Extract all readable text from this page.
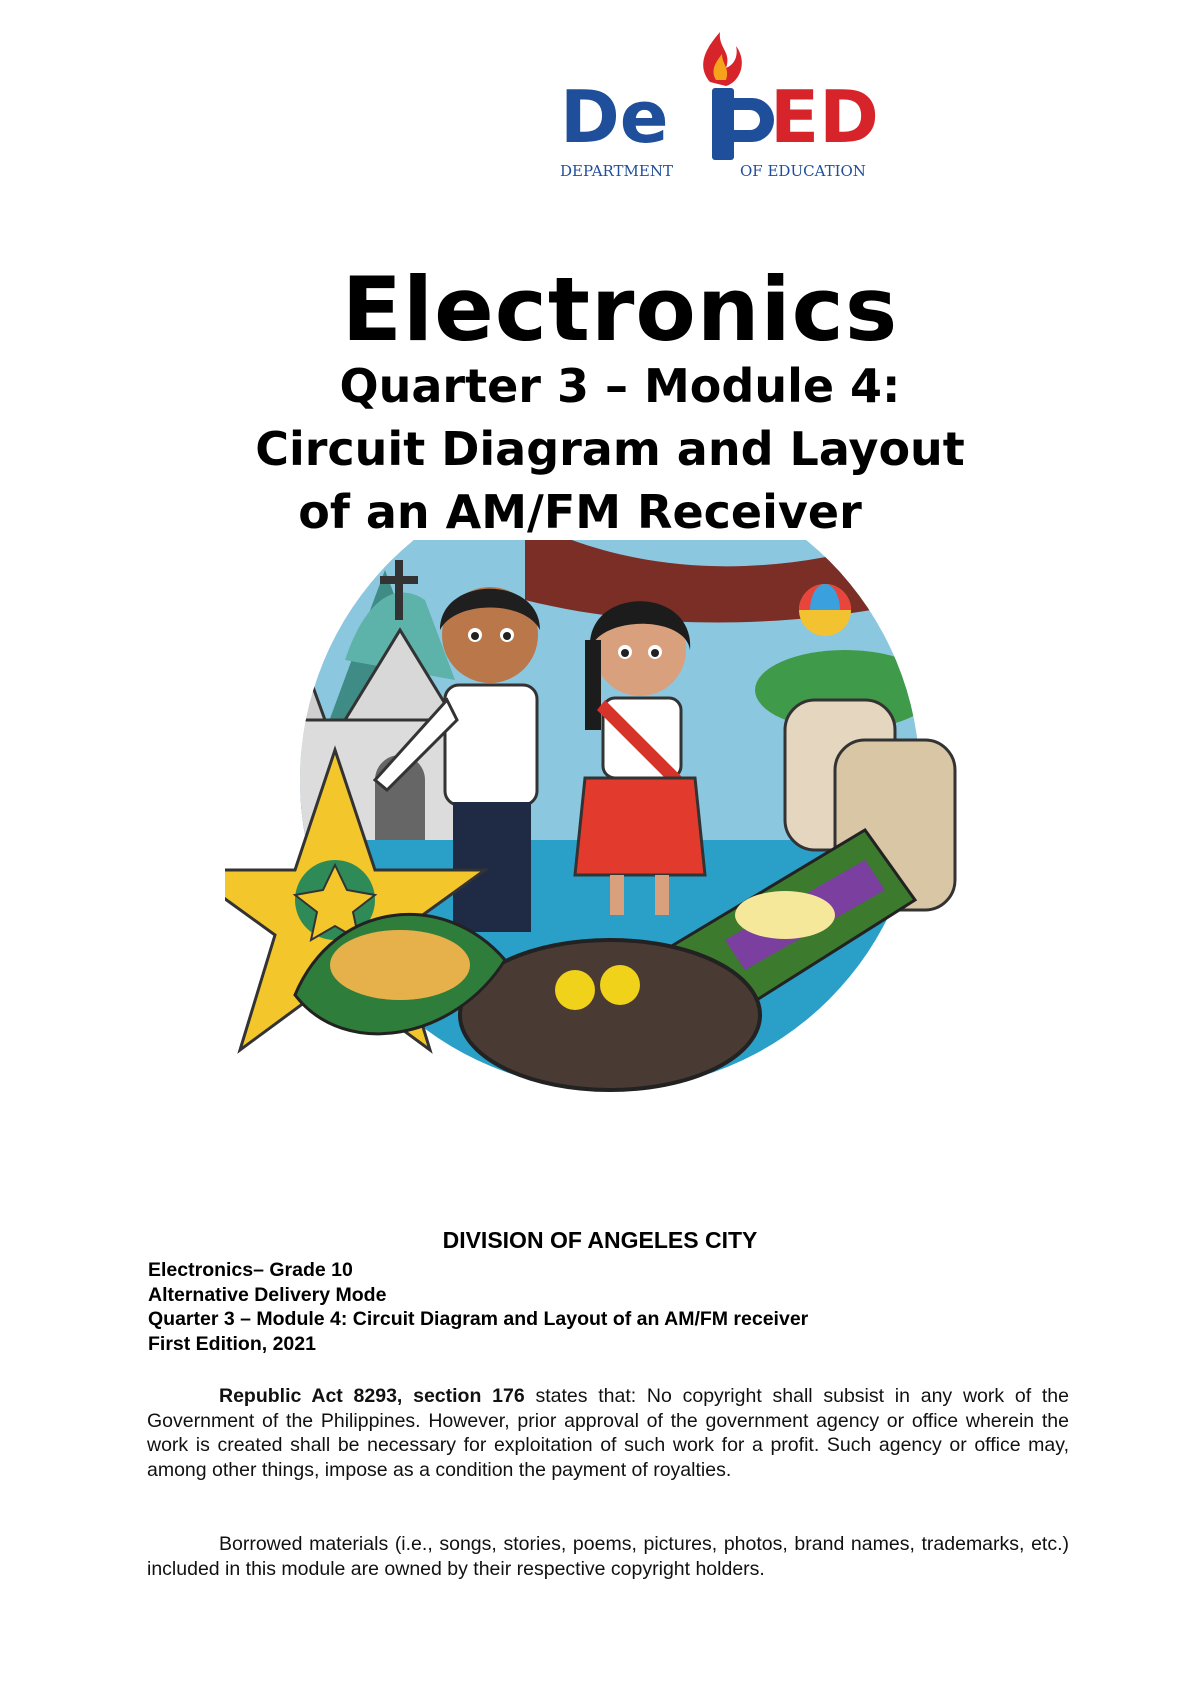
De ED
DEPARTMENT	OF EDUCATION
Electronics

Quarter 3 – Module 4:

Circuit Diagram and Layout

of an AM/FM Receiver

DIVISION OF ANGELES CITY

Electronics– Grade 10
Alternative Delivery Mode
Quarter 3 – Module 4: Circuit Diagram and Layout of an AM/FM receiver
First Edition, 2021

Republic Act 8293, section 176 states that: No copyright shall subsist in any work of the Government of the Philippines. However, prior approval of the government agency or office wherein the work is created shall be necessary for exploitation of such work for a profit. Such agency or office may, among other things, impose as a condition the payment of royalties.

Borrowed materials (i.e., songs, stories, poems, pictures, photos, brand names, trademarks, etc.) included in this module are owned by their respective copyright holders.
